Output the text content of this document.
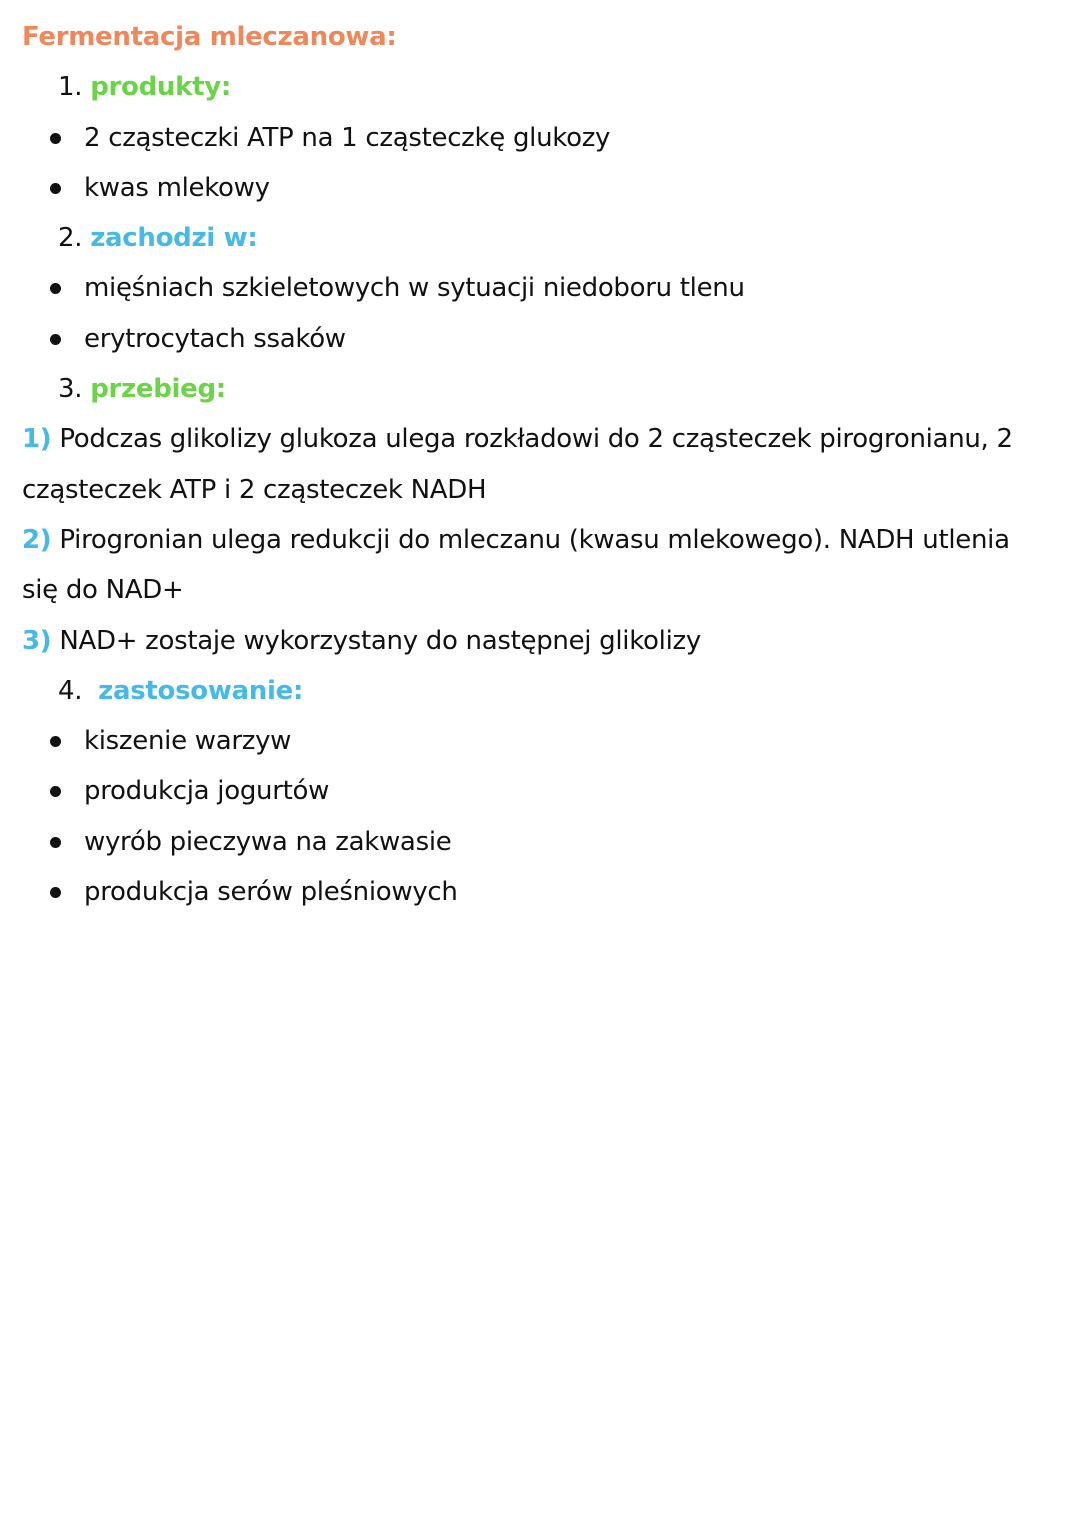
Fermentacja mleczanowa:
1. produkty:
2 cząsteczki ATP na 1 cząsteczkę glukozy
kwas mlekowy
2. zachodzi w:
mięśniach szkieletowych w sytuacji niedoboru tlenu
erytrocytach ssaków
3. przebieg:
1) Podczas glikolizy glukoza ulega rozkładowi do 2 cząsteczek pirogronianu, 2
cząsteczek ATP i 2 cząsteczek NADH
2) Pirogronian ulega redukcji do mleczanu (kwasu mlekowego). NADH utlenia
się do NAD+
3) NAD+ zostaje wykorzystany do następnej glikolizy
4. zastosowanie:
kiszenie warzyw
produkcja jogurtów
wyrób pieczywa na zakwasie
produkcja serów pleśniowych
